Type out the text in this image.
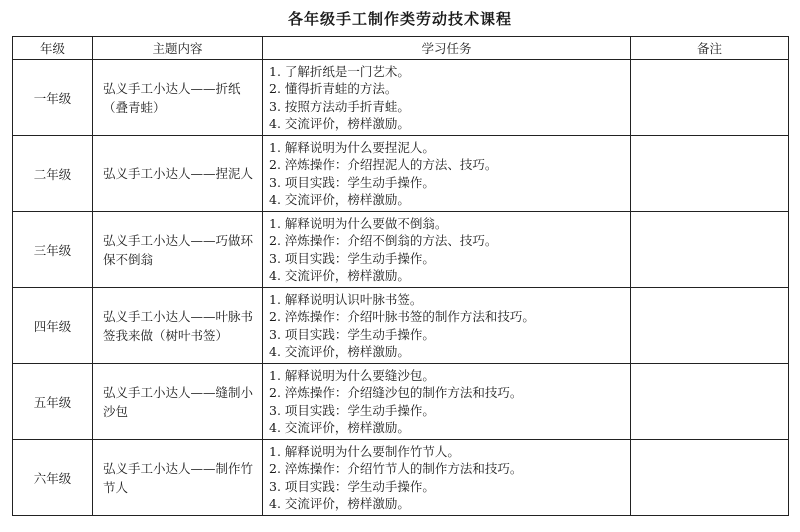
各年级手工制作类劳动技术课程
年级	主题内容	学习任务	备注
一年级	弘义手工小达人——折纸（叠青蛙）	1. 了解折纸是一门艺术。
2. 懂得折青蛙的方法。
3. 按照方法动手折青蛙。
4. 交流评价，榜样激励。	

二年级	弘义手工小达人——捏泥人	1. 解释说明为什么要捏泥人。
2. 淬炼操作：介绍捏泥人的方法、技巧。
3. 项目实践：学生动手操作。
4. 交流评价，榜样激励。	

三年级	弘义手工小达人——巧做环保不倒翁	1. 解释说明为什么要做不倒翁。
2. 淬炼操作：介绍不倒翁的方法、技巧。
3. 项目实践：学生动手操作。
4. 交流评价，榜样激励。	

四年级	弘义手工小达人——叶脉书签我来做（树叶书签）	1. 解释说明认识叶脉书签。
2. 淬炼操作：介绍叶脉书签的制作方法和技巧。
3. 项目实践：学生动手操作。
4. 交流评价，榜样激励。	

五年级	弘义手工小达人——缝制小沙包	1. 解释说明为什么要缝沙包。
2. 淬炼操作：介绍缝沙包的制作方法和技巧。
3. 项目实践：学生动手操作。
4. 交流评价，榜样激励。	

六年级	弘义手工小达人——制作竹节人	1. 解释说明为什么要制作竹节人。
2. 淬炼操作：介绍竹节人的制作方法和技巧。
3. 项目实践：学生动手操作。
4. 交流评价，榜样激励。	
